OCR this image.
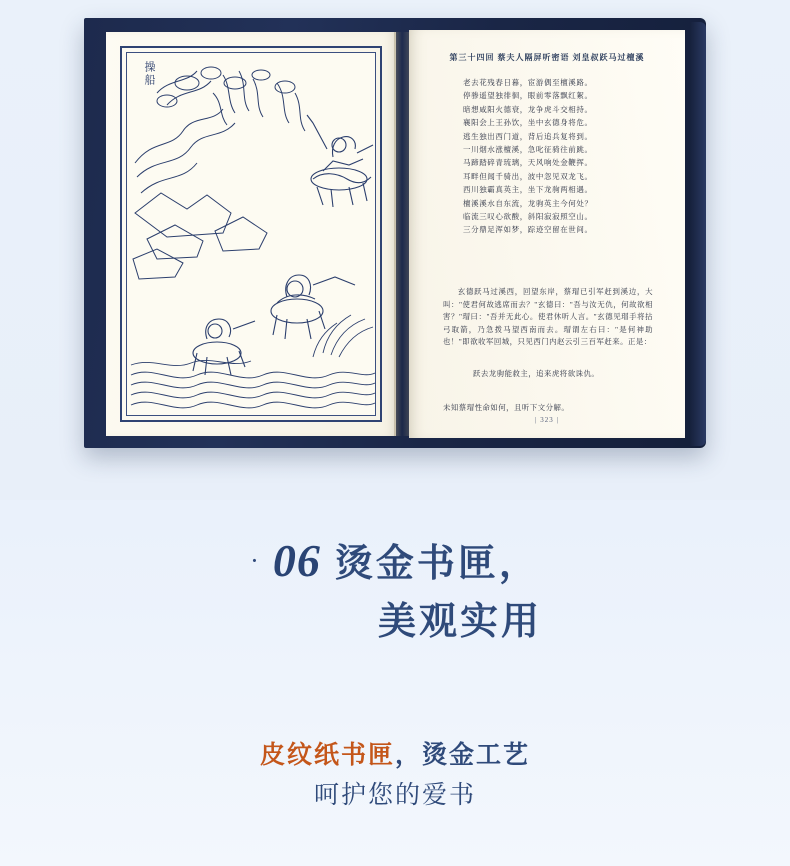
操船
第三十四回 蔡夫人隔屏听密语 刘皇叔跃马过檀溪
老去花残春日暮，宦游偶至檀溪路。
停骖遥望独徘徊，眼前零落飘红絮。
暗想咸阳火德衰，龙争虎斗交相持。
襄阳会上王孙饮，坐中玄德身将危。
逃生独出西门道，背后追兵复将到。
一川烟水涨檀溪，急叱征骑往前跳。
马蹄踏碎青琉璃，天风响处金鞭挥。
耳畔但闻千骑出，波中忽见双龙飞。
西川独霸真英主，坐下龙驹两相遇。
檀溪溪水自东流，龙驹英主今何处？
临流三叹心欲酸，斜阳寂寂照空山。
三分鼎足浑如梦，踪迹空留在世间。

玄德跃马过溪西，回望东岸，蔡瑁已引军赶到溪边，大叫："使君何故逃席而去？"玄德曰："吾与汝无仇，何故欲相害？"瑁曰："吾并无此心。使君休听人言。"玄德见瑁手将拈弓取箭，乃急拨马望西南而去。瑁谓左右曰："是何神助也！"即欲收军回城，只见西门内赵云引三百军赶来。正是：

跃去龙驹能救主，追来虎将欲诛仇。
未知蔡瑁性命如何，且听下文分解。
| 323 |
· 06 烫金书匣，
美观实用
皮纹纸书匣，烫金工艺
呵护您的爱书
